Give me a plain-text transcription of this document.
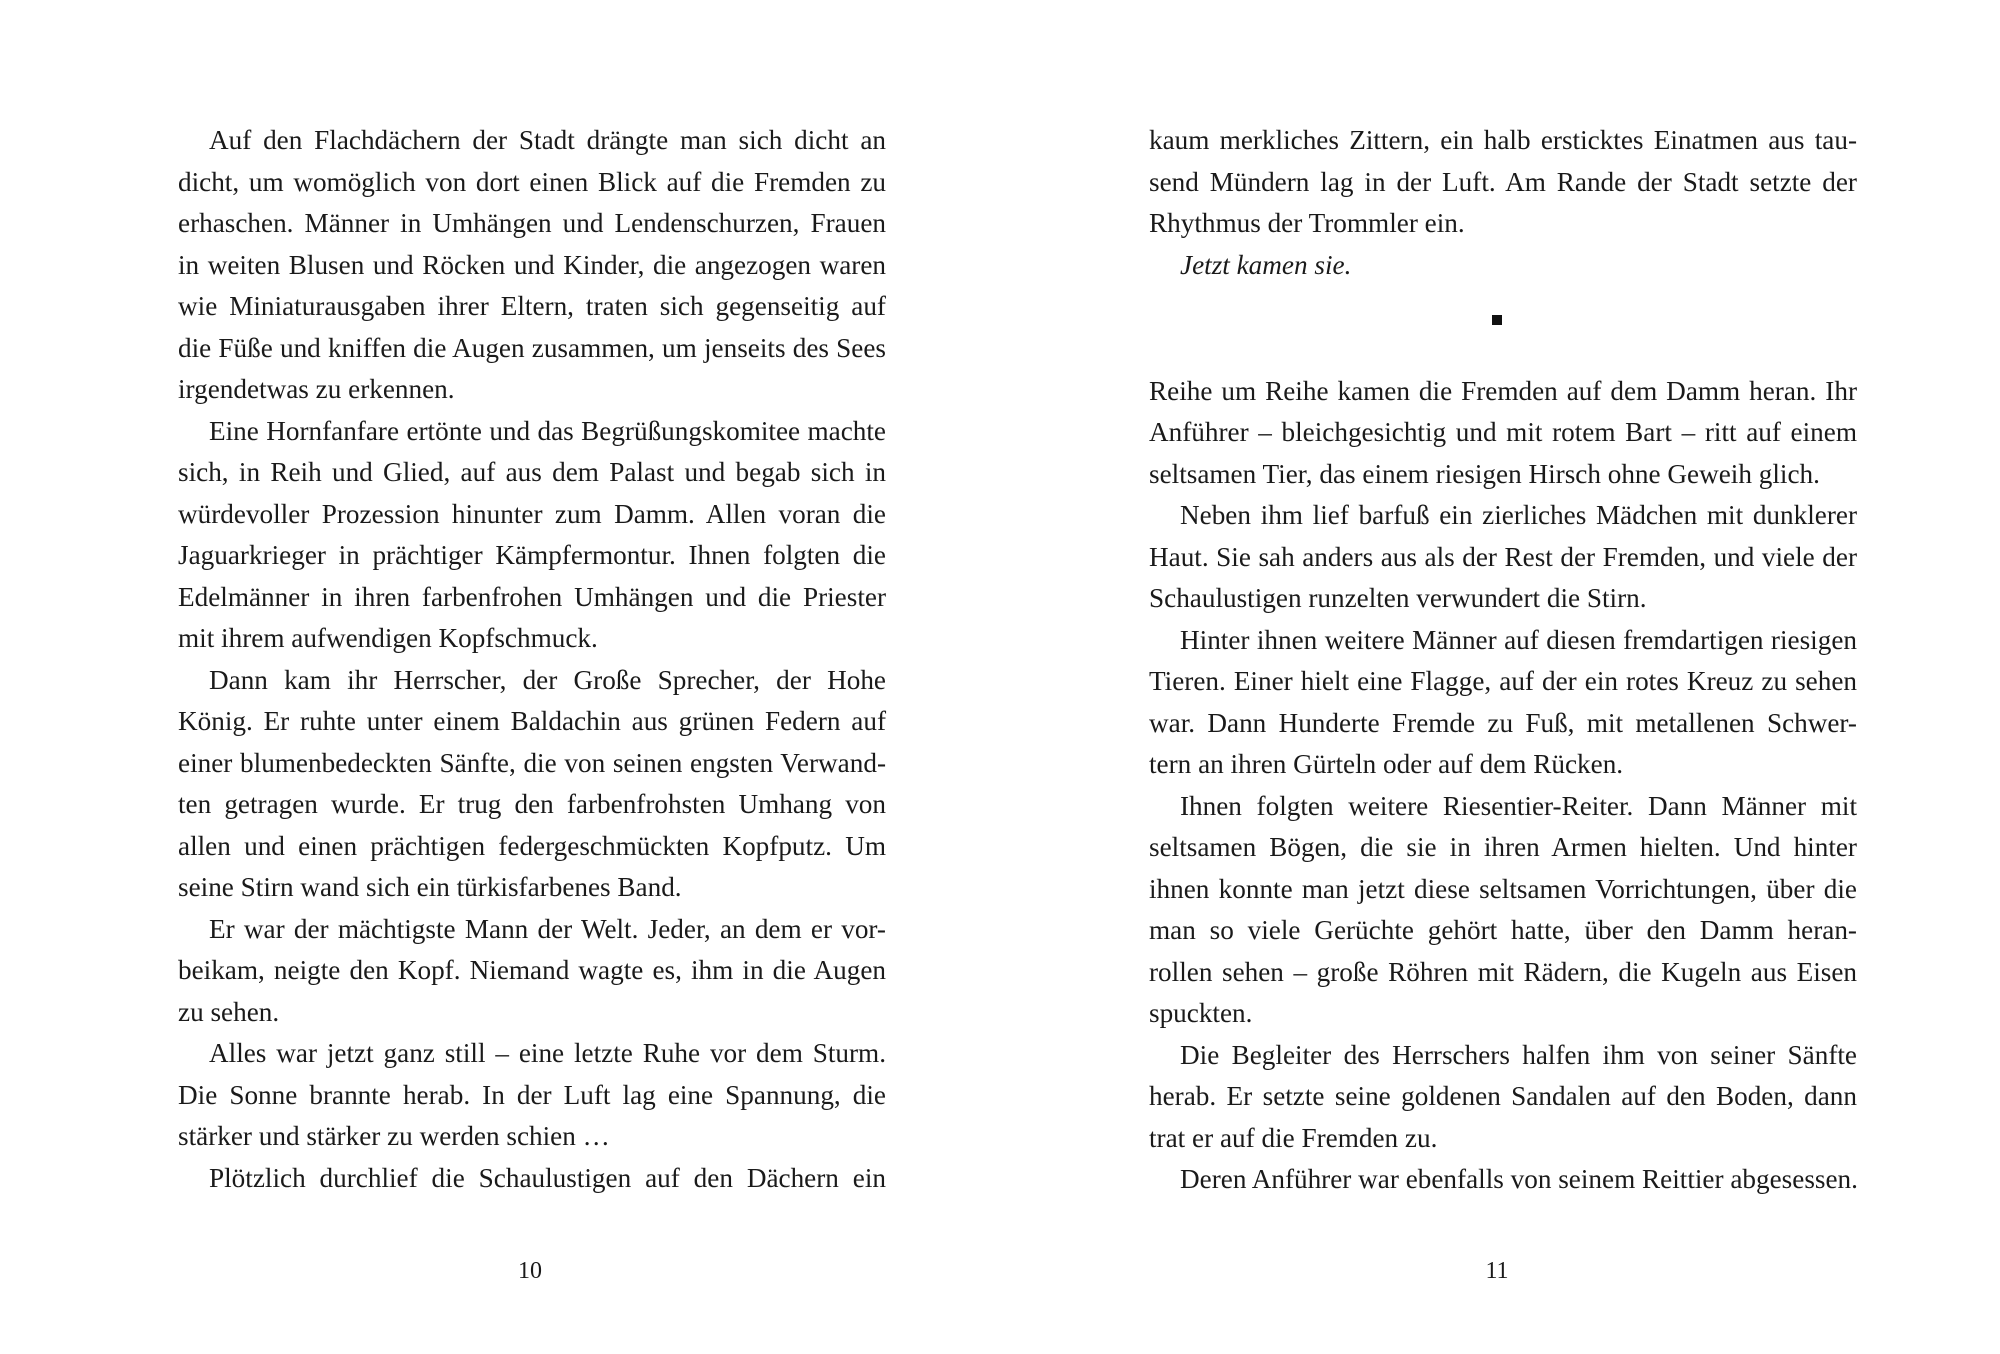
Auf den Flachdächern der Stadt drängte man sich dicht an
dicht, um womöglich von dort einen Blick auf die Fremden zu
erhaschen. Männer in Umhängen und Lendenschurzen, Frauen
in weiten Blusen und Röcken und Kinder, die angezogen waren
wie Miniaturausgaben ihrer Eltern, traten sich gegenseitig auf
die Füße und kniffen die Augen zusammen, um jenseits des Sees
irgendetwas zu erkennen.
Eine Hornfanfare ertönte und das Begrüßungskomitee machte
sich, in Reih und Glied, auf aus dem Palast und begab sich in
würdevoller Prozession hinunter zum Damm. Allen voran die
Jaguarkrieger in prächtiger Kämpfermontur. Ihnen folgten die
Edelmänner in ihren farbenfrohen Umhängen und die Priester
mit ihrem aufwendigen Kopfschmuck.
Dann kam ihr Herrscher, der Große Sprecher, der Hohe
König. Er ruhte unter einem Baldachin aus grünen Federn auf
einer blumenbedeckten Sänfte, die von seinen engsten Verwand-
ten getragen wurde. Er trug den farbenfrohsten Umhang von
allen und einen prächtigen federgeschmückten Kopfputz. Um
seine Stirn wand sich ein türkisfarbenes Band.
Er war der mächtigste Mann der Welt. Jeder, an dem er vor-
beikam, neigte den Kopf. Niemand wagte es, ihm in die Augen
zu sehen.
Alles war jetzt ganz still – eine letzte Ruhe vor dem Sturm.
Die Sonne brannte herab. In der Luft lag eine Spannung, die
stärker und stärker zu werden schien …
Plötzlich durchlief die Schaulustigen auf den Dächern ein
10
kaum merkliches Zittern, ein halb ersticktes Einatmen aus tau-
send Mündern lag in der Luft. Am Rande der Stadt setzte der
Rhythmus der Trommler ein.
Jetzt kamen sie.
Reihe um Reihe kamen die Fremden auf dem Damm heran. Ihr
Anführer – bleichgesichtig und mit rotem Bart – ritt auf einem
seltsamen Tier, das einem riesigen Hirsch ohne Geweih glich.
Neben ihm lief barfuß ein zierliches Mädchen mit dunklerer
Haut. Sie sah anders aus als der Rest der Fremden, und viele der
Schaulustigen runzelten verwundert die Stirn.
Hinter ihnen weitere Männer auf diesen fremdartigen riesigen
Tieren. Einer hielt eine Flagge, auf der ein rotes Kreuz zu sehen
war. Dann Hunderte Fremde zu Fuß, mit metallenen Schwer-
tern an ihren Gürteln oder auf dem Rücken.
Ihnen folgten weitere Riesentier-Reiter. Dann Männer mit
seltsamen Bögen, die sie in ihren Armen hielten. Und hinter
ihnen konnte man jetzt diese seltsamen Vorrichtungen, über die
man so viele Gerüchte gehört hatte, über den Damm heran-
rollen sehen – große Röhren mit Rädern, die Kugeln aus Eisen
spuckten.
Die Begleiter des Herrschers halfen ihm von seiner Sänfte
herab. Er setzte seine goldenen Sandalen auf den Boden, dann
trat er auf die Fremden zu.
Deren Anführer war ebenfalls von seinem Reittier abgesessen.
11
